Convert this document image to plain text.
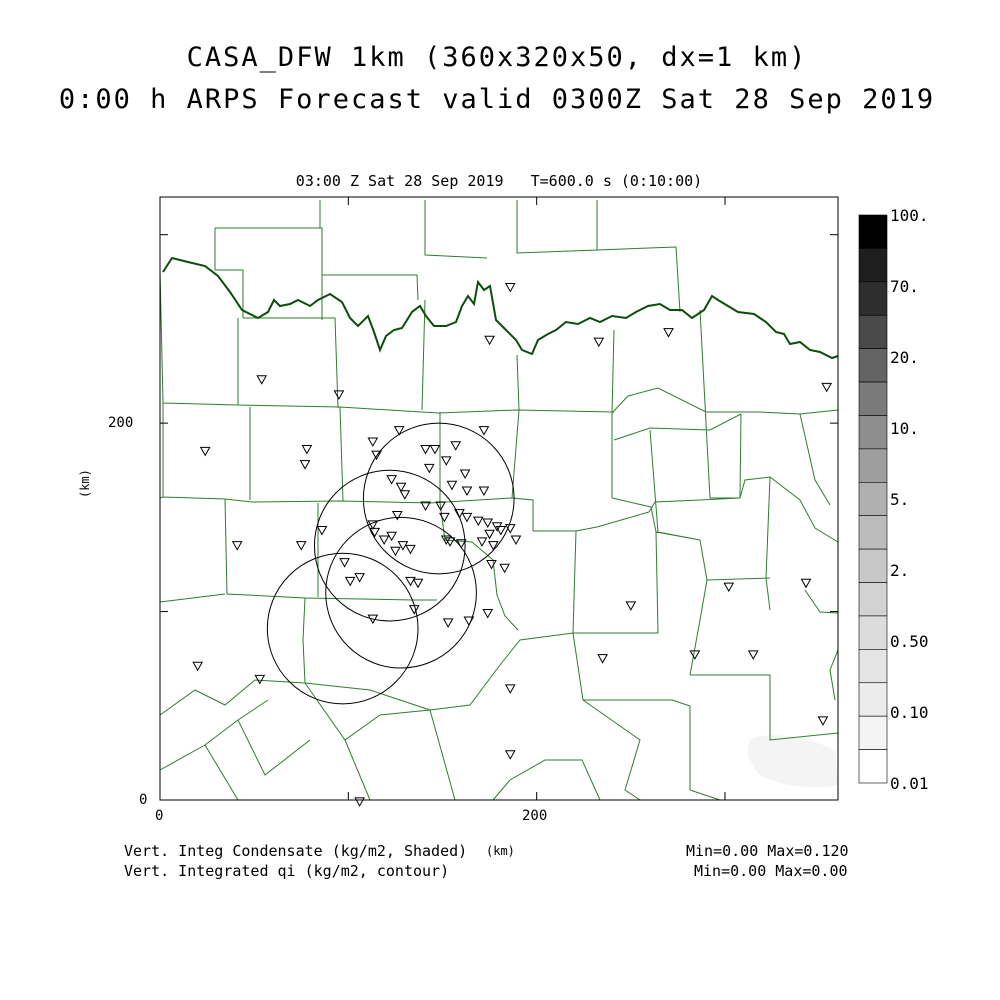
CASA_DFW 1km (360x320x50, dx=1 km)
0:00 h ARPS Forecast valid 0300Z Sat 28 Sep 2019
03:00 Z Sat 28 Sep 2019   T=600.0 s (0:10:00)
(km)
0
200
0	200
100.
70.
20.
10.
5.
2.
0.50
0.10
0.01
Vert. Integ Condensate (kg/m2, Shaded) (km)
Vert. Integrated qi (kg/m2, contour)
Min=0.00 Max=0.120
Min=0.00 Max=0.00
